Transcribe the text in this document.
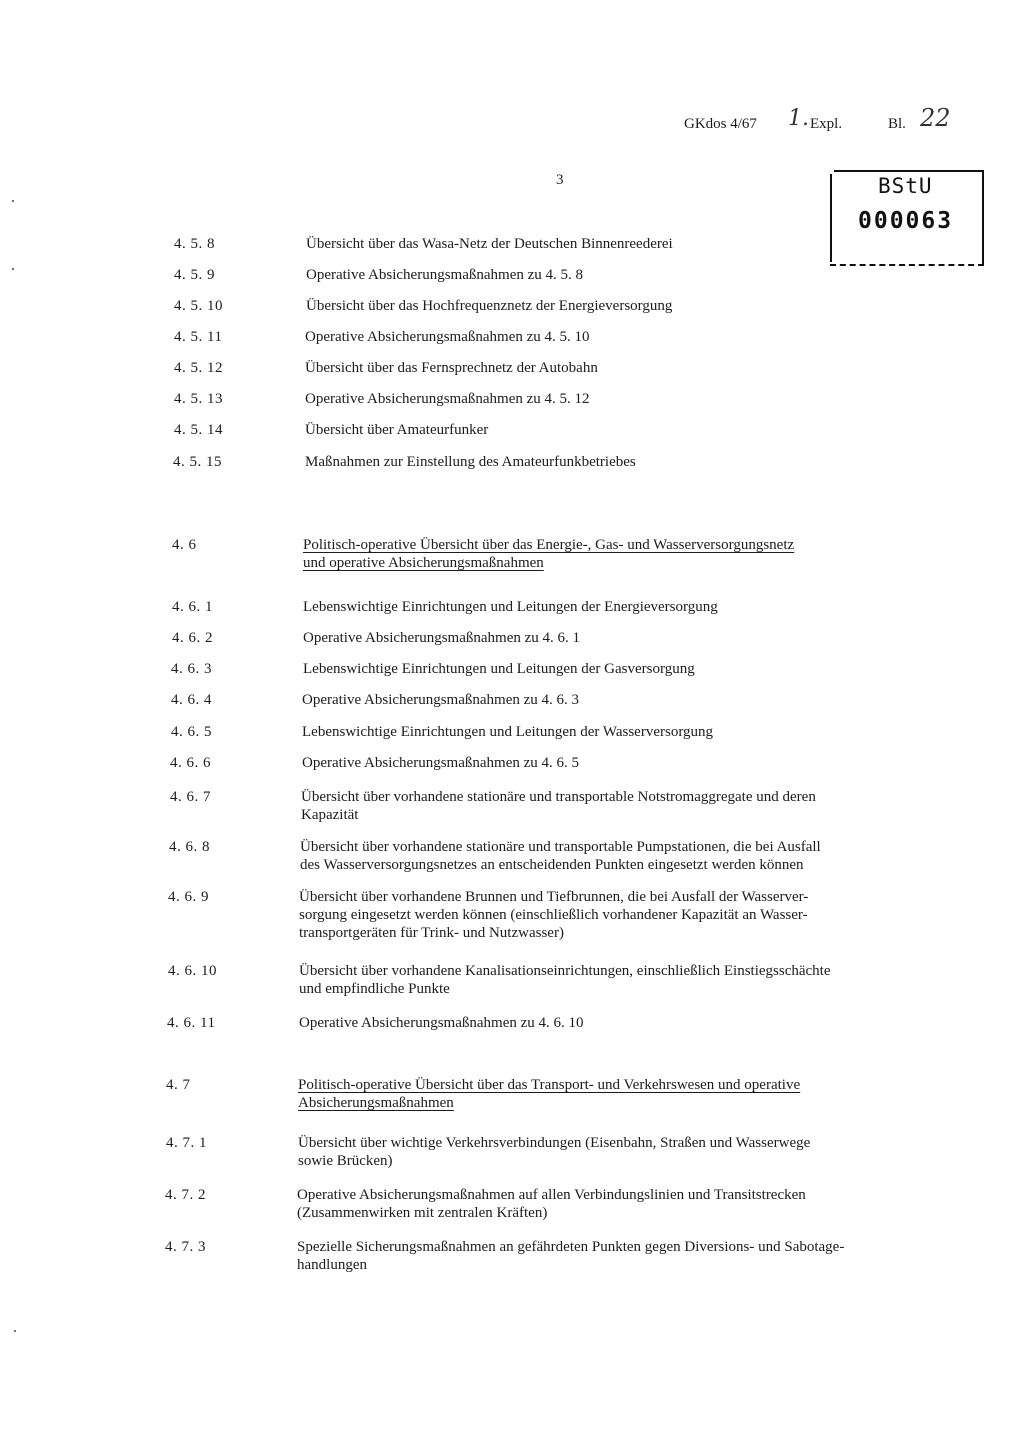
GKdos 4/67 1. Expl.	Bl. 22
3	BStU
000063
4. 5. 8	Übersicht über das Wasa-Netz der Deutschen Binnenreederei
4. 5. 9	Operative Absicherungsmaßnahmen zu 4. 5. 8
4. 5. 10	Übersicht über das Hochfrequenznetz der Energieversorgung
4. 5. 11	Operative Absicherungsmaßnahmen zu 4. 5. 10
4. 5. 12	Übersicht über das Fernsprechnetz der Autobahn
4. 5. 13	Operative Absicherungsmaßnahmen zu 4. 5. 12
4. 5. 14	Übersicht über Amateurfunker
4. 5. 15	Maßnahmen zur Einstellung des Amateurfunkbetriebes
4. 6	Politisch-operative Übersicht über das Energie-, Gas- und Wasserversorgungsnetz
und operative Absicherungsmaßnahmen
4. 6. 1	Lebenswichtige Einrichtungen und Leitungen der Energieversorgung
4. 6. 2	Operative Absicherungsmaßnahmen zu 4. 6. 1
4. 6. 3	Lebenswichtige Einrichtungen und Leitungen der Gasversorgung
4. 6. 4	Operative Absicherungsmaßnahmen zu 4. 6. 3
4. 6. 5	Lebenswichtige Einrichtungen und Leitungen der Wasserversorgung
4. 6. 6	Operative Absicherungsmaßnahmen zu 4. 6. 5
4. 6. 7	Übersicht über vorhandene stationäre und transportable Notstromaggregate und deren
Kapazität
4. 6. 8	Übersicht über vorhandene stationäre und transportable Pumpstationen, die bei Ausfall
des Wasserversorgungsnetzes an entscheidenden Punkten eingesetzt werden können
4. 6. 9	Übersicht über vorhandene Brunnen und Tiefbrunnen, die bei Ausfall der Wasserver-
sorgung eingesetzt werden können (einschließlich vorhandener Kapazität an Wasser-
transportgeräten für Trink- und Nutzwasser)
4. 6. 10	Übersicht über vorhandene Kanalisationseinrichtungen, einschließlich Einstiegsschächte
und empfindliche Punkte
4. 6. 11	Operative Absicherungsmaßnahmen zu 4. 6. 10
4. 7	Politisch-operative Übersicht über das Transport- und Verkehrswesen und operative
Absicherungsmaßnahmen
4. 7. 1	Übersicht über wichtige Verkehrsverbindungen (Eisenbahn, Straßen und Wasserwege
sowie Brücken)
4. 7. 2	Operative Absicherungsmaßnahmen auf allen Verbindungslinien und Transitstrecken
(Zusammenwirken mit zentralen Kräften)
4. 7. 3	Spezielle Sicherungsmaßnahmen an gefährdeten Punkten gegen Diversions- und Sabotage-
handlungen
